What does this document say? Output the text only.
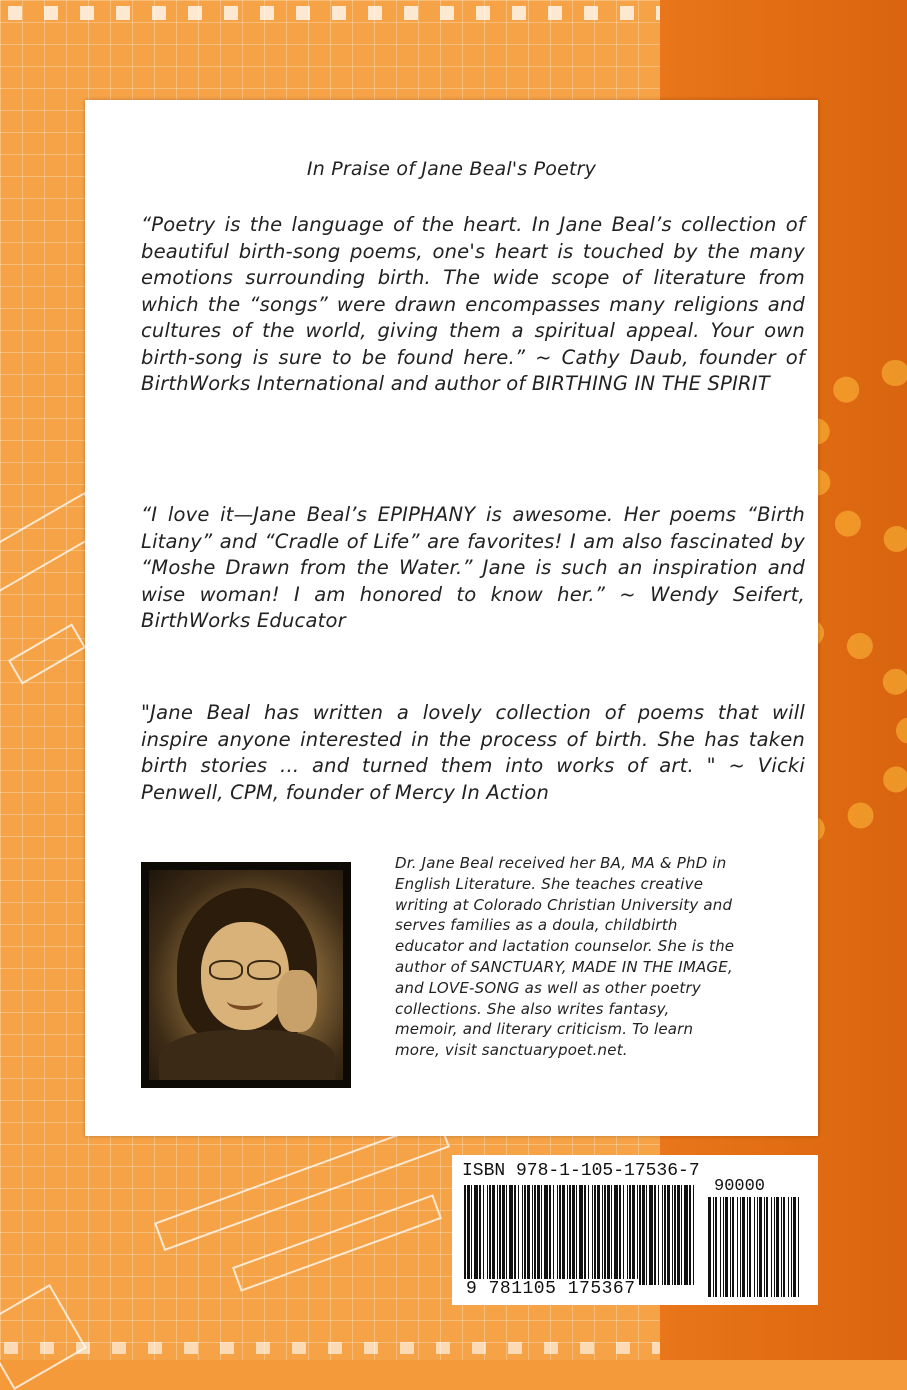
In Praise of Jane Beal's Poetry
“Poetry is the language of the heart. In Jane Beal’s collection of beautiful birth-song poems, one's heart is touched by the many emotions surrounding birth. The wide scope of literature from which the “songs” were drawn encompasses many religions and cultures of the world, giving them a spiritual appeal. Your own birth-song is sure to be found here.” ~ Cathy Daub, founder of BirthWorks International and author of BIRTHING IN THE SPIRIT
“I love it—Jane Beal’s EPIPHANY is awesome. Her poems “Birth Litany” and “Cradle of Life” are favorites! I am also fascinated by “Moshe Drawn from the Water.” Jane is such an inspiration and wise woman! I am honored to know her.” ~ Wendy Seifert, BirthWorks Educator
"Jane Beal has written a lovely collection of poems that will inspire anyone interested in the process of birth. She has taken birth stories ... and turned them into works of art. " ~ Vicki Penwell, CPM, founder of Mercy In Action
Dr. Jane Beal received her BA, MA & PhD in English Literature. She teaches creative writing at Colorado Christian University and serves families as a doula, childbirth educator and lactation counselor. She is the author of SANCTUARY, MADE IN THE IMAGE, and LOVE-SONG as well as other poetry collections. She also writes fantasy, memoir, and literary criticism. To learn more, visit sanctuarypoet.net.
ISBN 978-1-105-17536-7
90000
9 781105 175367
